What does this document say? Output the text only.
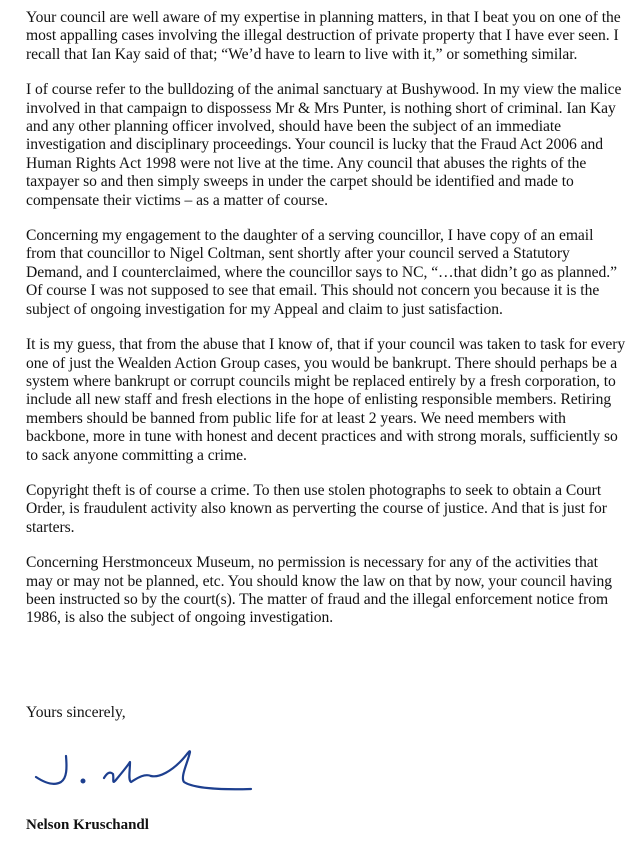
Your council are well aware of my expertise in planning matters, in that I beat you on one of the most appalling cases involving the illegal destruction of private property that I have ever seen. I recall that Ian Kay said of that; “We’d have to learn to live with it,” or something similar.

I of course refer to the bulldozing of the animal sanctuary at Bushywood. In my view the malice involved in that campaign to dispossess Mr & Mrs Punter, is nothing short of criminal. Ian Kay and any other planning officer involved, should have been the subject of an immediate investigation and disciplinary proceedings. Your council is lucky that the Fraud Act 2006 and Human Rights Act 1998 were not live at the time. Any council that abuses the rights of the taxpayer so and then simply sweeps in under the carpet should be identified and made to compensate their victims – as a matter of course.

Concerning my engagement to the daughter of a serving councillor, I have copy of an email from that councillor to Nigel Coltman, sent shortly after your council served a Statutory Demand, and I counterclaimed, where the councillor says to NC, “…that didn’t go as planned.” Of course I was not supposed to see that email. This should not concern you because it is the subject of ongoing investigation for my Appeal and claim to just satisfaction.

It is my guess, that from the abuse that I know of, that if your council was taken to task for every one of just the Wealden Action Group cases, you would be bankrupt. There should perhaps be a system where bankrupt or corrupt councils might be replaced entirely by a fresh corporation, to include all new staff and fresh elections in the hope of enlisting responsible members. Retiring members should be banned from public life for at least 2 years. We need members with backbone, more in tune with honest and decent practices and with strong morals, sufficiently so to sack anyone committing a crime.

Copyright theft is of course a crime. To then use stolen photographs to seek to obtain a Court Order, is fraudulent activity also known as perverting the course of justice. And that is just for starters.

Concerning Herstmonceux Museum, no permission is necessary for any of the activities that may or may not be planned, etc. You should know the law on that by now, your council having been instructed so by the court(s). The matter of fraud and the illegal enforcement notice from 1986, is also the subject of ongoing investigation.

Yours sincerely,
Nelson Kruschandl
